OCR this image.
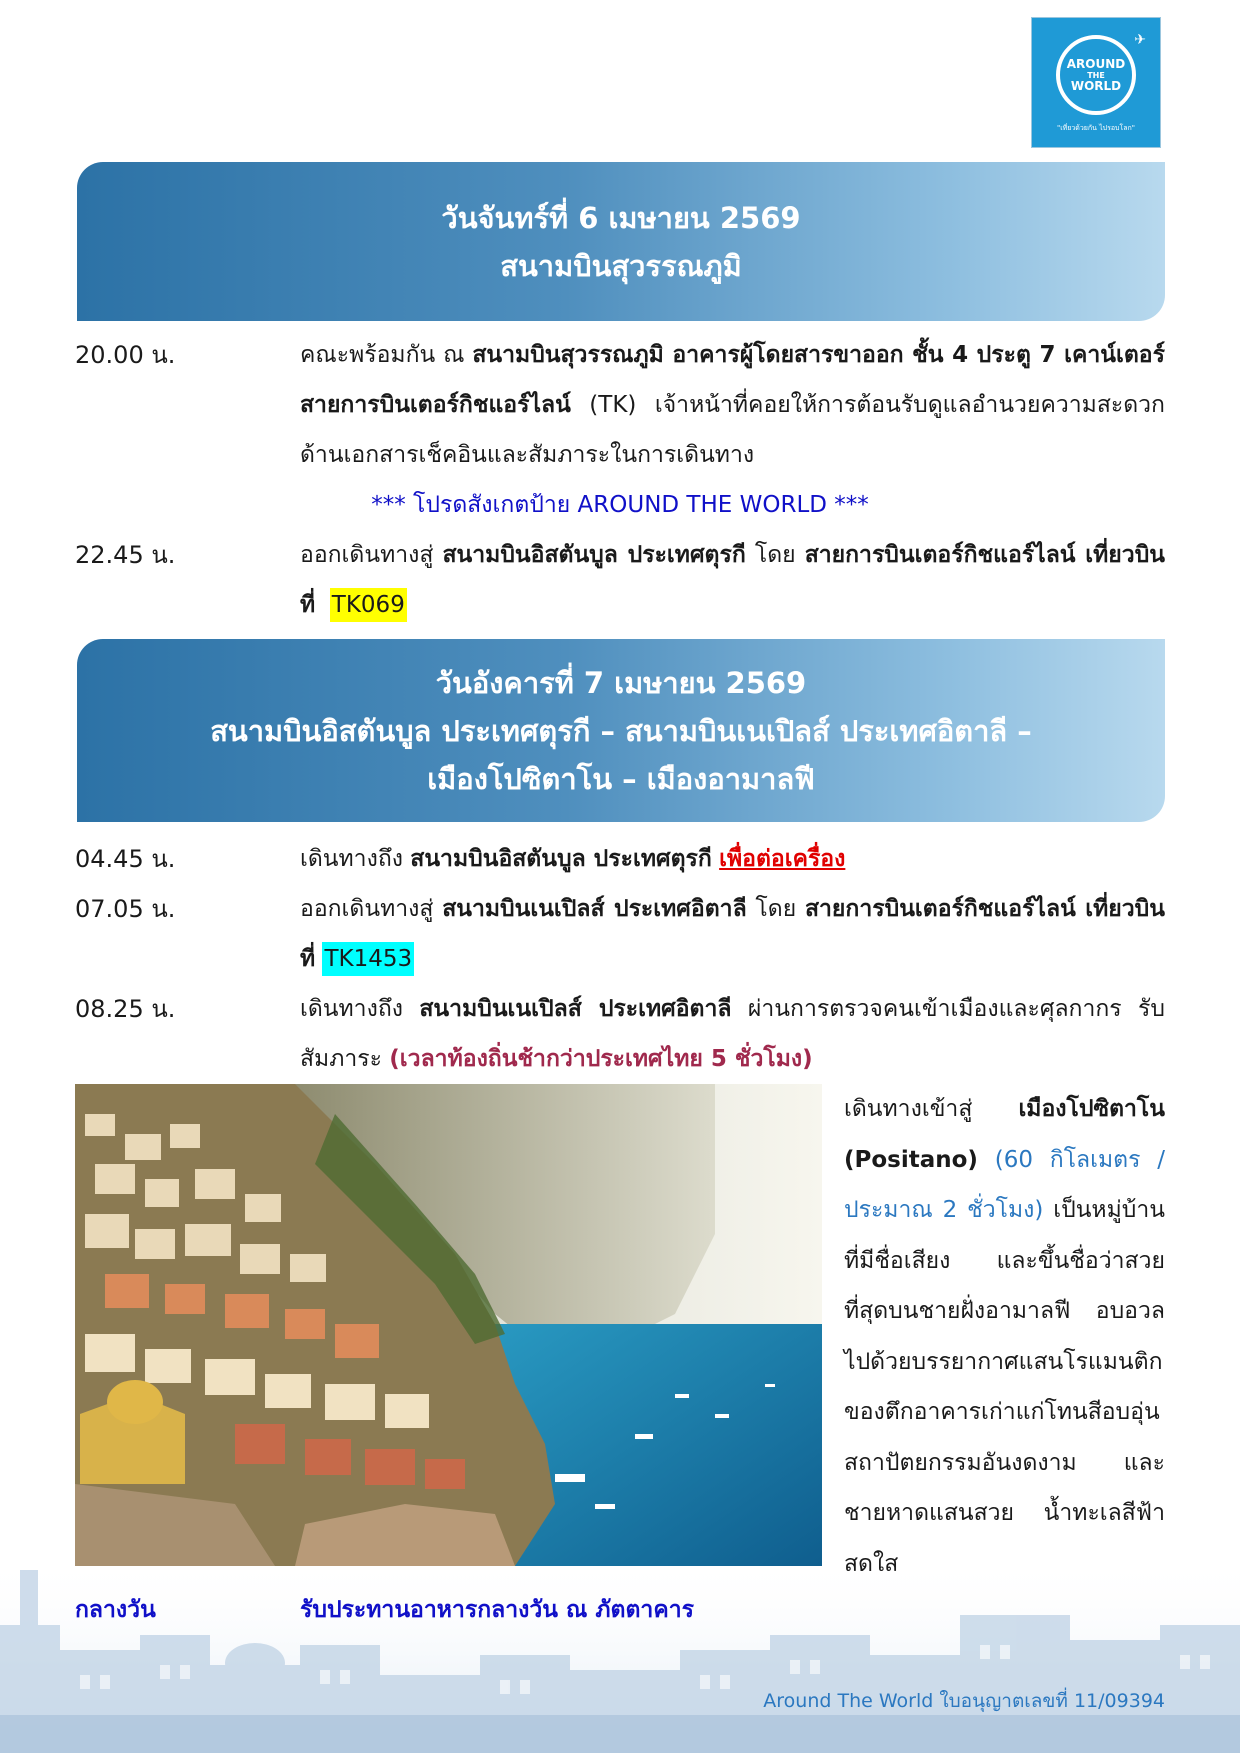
✈
AROUND
THE
WORLD
"เที่ยวด้วยกัน ไปรอบโลก"
วันจันทร์ที่ 6 เมษายน 2569
สนามบินสุวรรณภูมิ
20.00 น.	คณะพร้อมกัน ณ สนามบินสุวรรณภูมิ อาคารผู้โดยสารขาออก ชั้น 4 ประตู 7 เคาน์เตอร์ สายการบินเตอร์กิชแอร์ไลน์ (TK) เจ้าหน้าที่คอยให้การต้อนรับดูแลอำนวยความสะดวกด้านเอกสารเช็คอินและสัมภาระในการเดินทาง
*** โปรดสังเกตป้าย AROUND THE WORLD ***
22.45 น.	ออกเดินทางสู่ สนามบินอิสตันบูล ประเทศตุรกี โดย สายการบินเตอร์กิชแอร์ไลน์ เที่ยวบินที่ TK069
วันอังคารที่ 7 เมษายน 2569
สนามบินอิสตันบูล ประเทศตุรกี – สนามบินเนเปิลส์ ประเทศอิตาลี –
เมืองโปซิตาโน – เมืองอามาลฟี
04.45 น.	เดินทางถึง สนามบินอิสตันบูล ประเทศตุรกี เพื่อต่อเครื่อง
07.05 น.	ออกเดินทางสู่ สนามบินเนเปิลส์ ประเทศอิตาลี โดย สายการบินเตอร์กิชแอร์ไลน์ เที่ยวบินที่ TK1453
08.25 น.	เดินทางถึง สนามบินเนเปิลส์ ประเทศอิตาลี ผ่านการตรวจคนเข้าเมืองและศุลกากร รับสัมภาระ (เวลาท้องถิ่นช้ากว่าประเทศไทย 5 ชั่วโมง)
เดินทางเข้าสู่ เมืองโปซิตาโน (Positano) (60 กิโลเมตร / ประมาณ 2 ชั่วโมง) เป็นหมู่บ้านที่มีชื่อเสียง และขึ้นชื่อว่าสวยที่สุดบนชายฝั่งอามาลฟี อบอวลไปด้วยบรรยากาศแสนโรแมนติกของตึกอาคารเก่าแก่โทนสีอบอุ่น สถาปัตยกรรมอันงดงาม และชายหาดแสนสวย น้ำทะเลสีฟ้าสดใส
กลางวัน	รับประทานอาหารกลางวัน ณ ภัตตาคาร
Around The World ใบอนุญาตเลขที่ 11/09394
